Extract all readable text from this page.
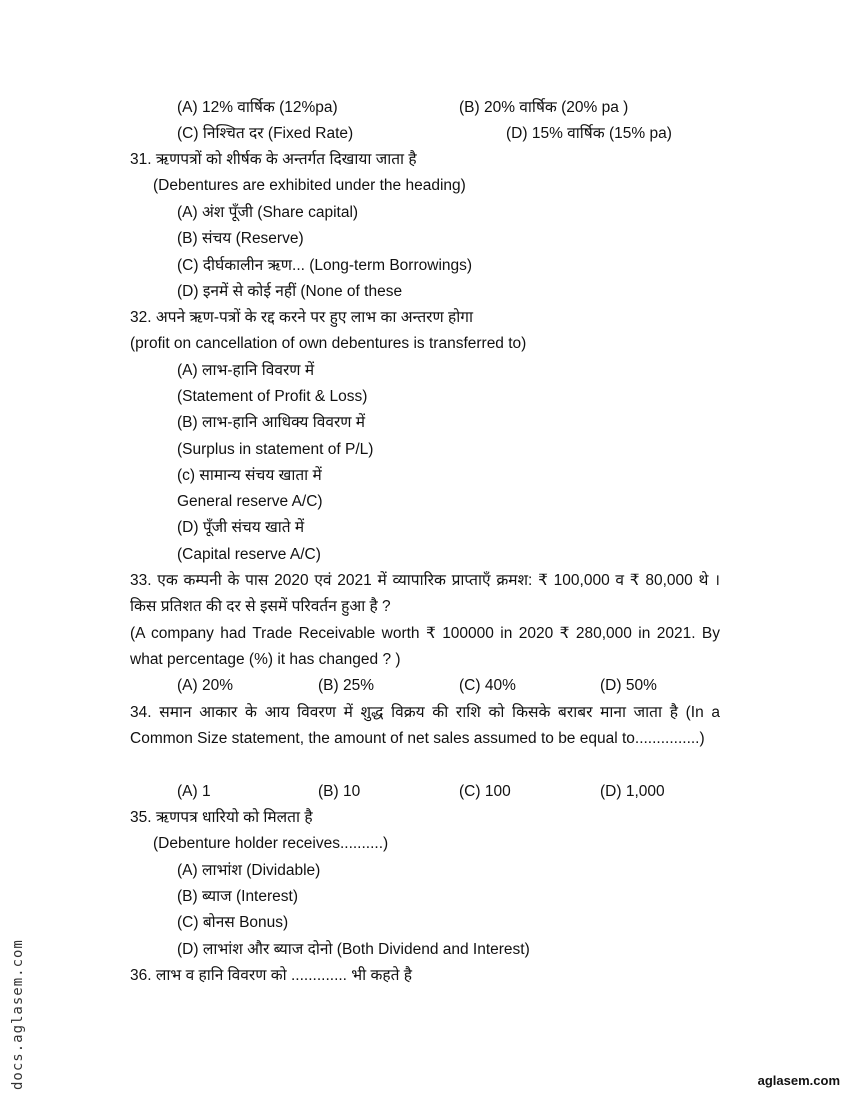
(A) 12% वार्षिक (12%pa)	(B) 20% वार्षिक (20% pa )
(C) निश्चित दर (Fixed Rate)	(D) 15% वार्षिक (15% pa)
31. ऋणपत्रों को शीर्षक के अन्तर्गत दिखाया जाता है
(Debentures are exhibited under the heading)
(A) अंश पूँजी (Share capital)
(B) संचय (Reserve)
(C) दीर्घकालीन ऋण... (Long-term Borrowings)
(D) इनमें से कोई नहीं (None of these
32. अपने ऋण-पत्रों के रद्द करने पर हुए लाभ का अन्तरण होगा
(profit on cancellation of own debentures is transferred to)
(A) लाभ-हानि विवरण में
(Statement of Profit & Loss)
(B) लाभ-हानि आधिक्य विवरण में
(Surplus in statement of P/L)
(c) सामान्य संचय खाता में
General reserve A/C)
(D) पूँजी संचय खाते में
(Capital reserve A/C)
33. एक कम्पनी के पास 2020 एवं 2021 में व्यापारिक प्राप्ताएँ क्रमश: ₹ 100,000 व ₹ 80,000 थे । किस प्रतिशत की दर से इसमें परिवर्तन हुआ है ?
(A company had Trade Receivable worth ₹ 100000 in 2020 ₹ 280,000 in 2021. By what percentage (%) it has changed ? )
(A) 20%	(B) 25%	(C) 40%	(D) 50%
34. समान आकार के आय विवरण में शुद्ध विक्रय की राशि को किसके बराबर माना जाता है (In a Common Size statement, the amount of net sales assumed to be equal to...............)
(A) 1	(B) 10	(C) 100	(D) 1,000
35. ऋणपत्र धारियो को मिलता है
(Debenture holder receives..........)
(A) लाभांश (Dividable)
(B) ब्याज (Interest)
(C) बोनस Bonus)
(D) लाभांश और ब्याज दोनो (Both Dividend and Interest)
36. लाभ व हानि विवरण को ............. भी कहते है
docs.aglasem.com	aglasem.com
